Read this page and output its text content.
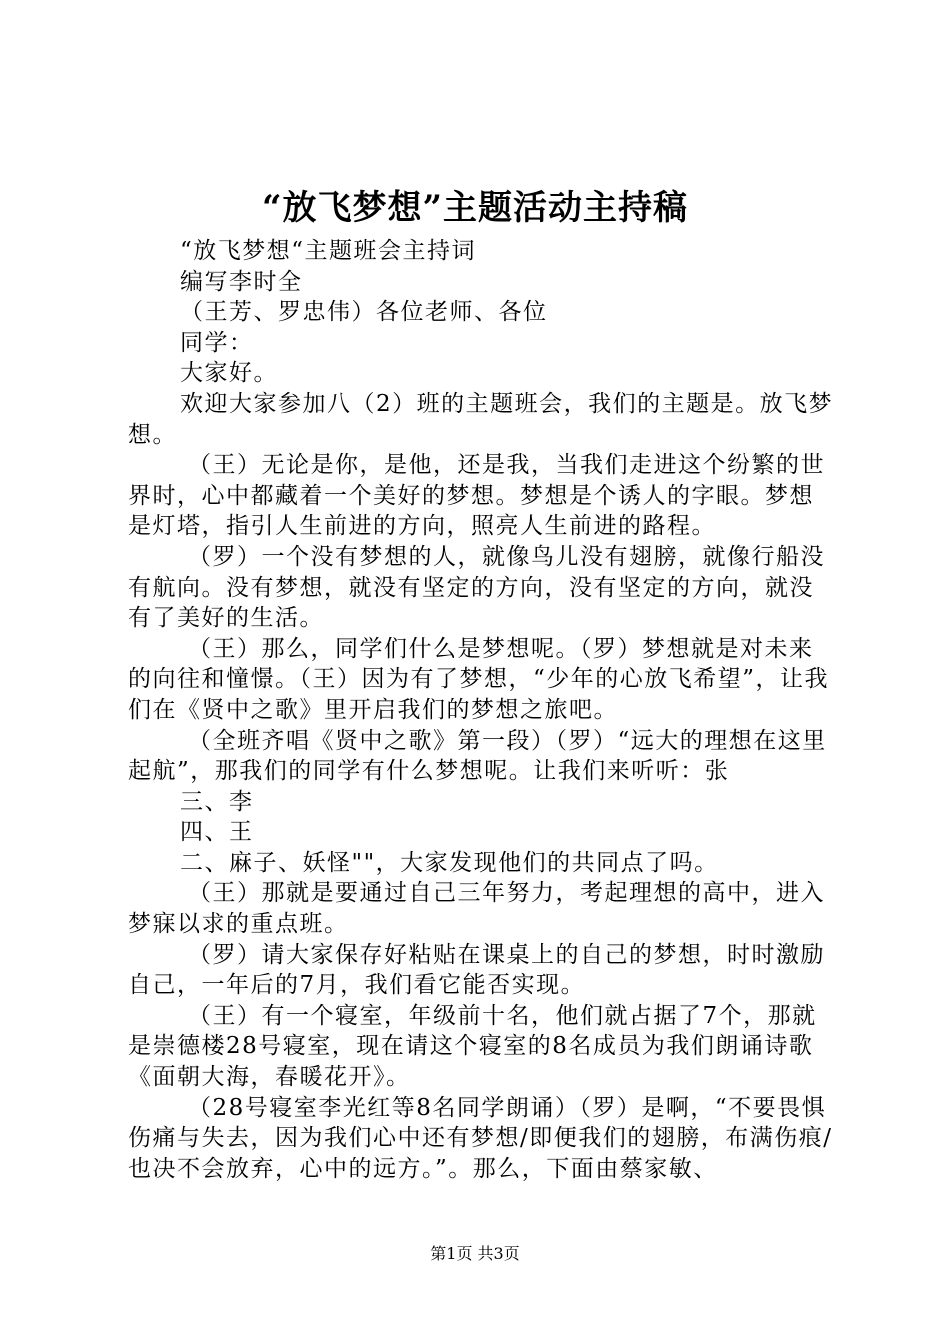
“放飞梦想”主题活动主持稿

“放飞梦想“主题班会主持词

编写李时全

（王芳、罗忠伟）各位老师、各位

同学：

大家好。

欢迎大家参加八（2）班的主题班会，我们的主题是。放飞梦想。

（王）无论是你，是他，还是我，当我们走进这个纷繁的世界时，心中都藏着一个美好的梦想。梦想是个诱人的字眼。梦想是灯塔，指引人生前进的方向，照亮人生前进的路程。

（罗）一个没有梦想的人，就像鸟儿没有翅膀，就像行船没有航向。没有梦想，就没有坚定的方向，没有坚定的方向，就没有了美好的生活。

（王）那么，同学们什么是梦想呢。（罗）梦想就是对未来的向往和憧憬。（王）因为有了梦想，“少年的心放飞希望”，让我们在《贤中之歌》里开启我们的梦想之旅吧。

（全班齐唱《贤中之歌》第一段）（罗）“远大的理想在这里起航”，那我们的同学有什么梦想呢。让我们来听听：张

三、李

四、王

二、麻子、妖怪""，大家发现他们的共同点了吗。

（王）那就是要通过自己三年努力，考起理想的高中，进入梦寐以求的重点班。

（罗）请大家保存好粘贴在课桌上的自己的梦想，时时激励自己，一年后的7月，我们看它能否实现。

（王）有一个寝室，年级前十名，他们就占据了7个，那就是崇德楼28号寝室，现在请这个寝室的8名成员为我们朗诵诗歌《面朝大海，春暖花开》。

（28号寝室李光红等8名同学朗诵）（罗）是啊，“不要畏惧伤痛与失去，因为我们心中还有梦想/即便我们的翅膀，布满伤痕/也决不会放弃，心中的远方。”。那么，下面由蔡家敏、

第1页 共3页
